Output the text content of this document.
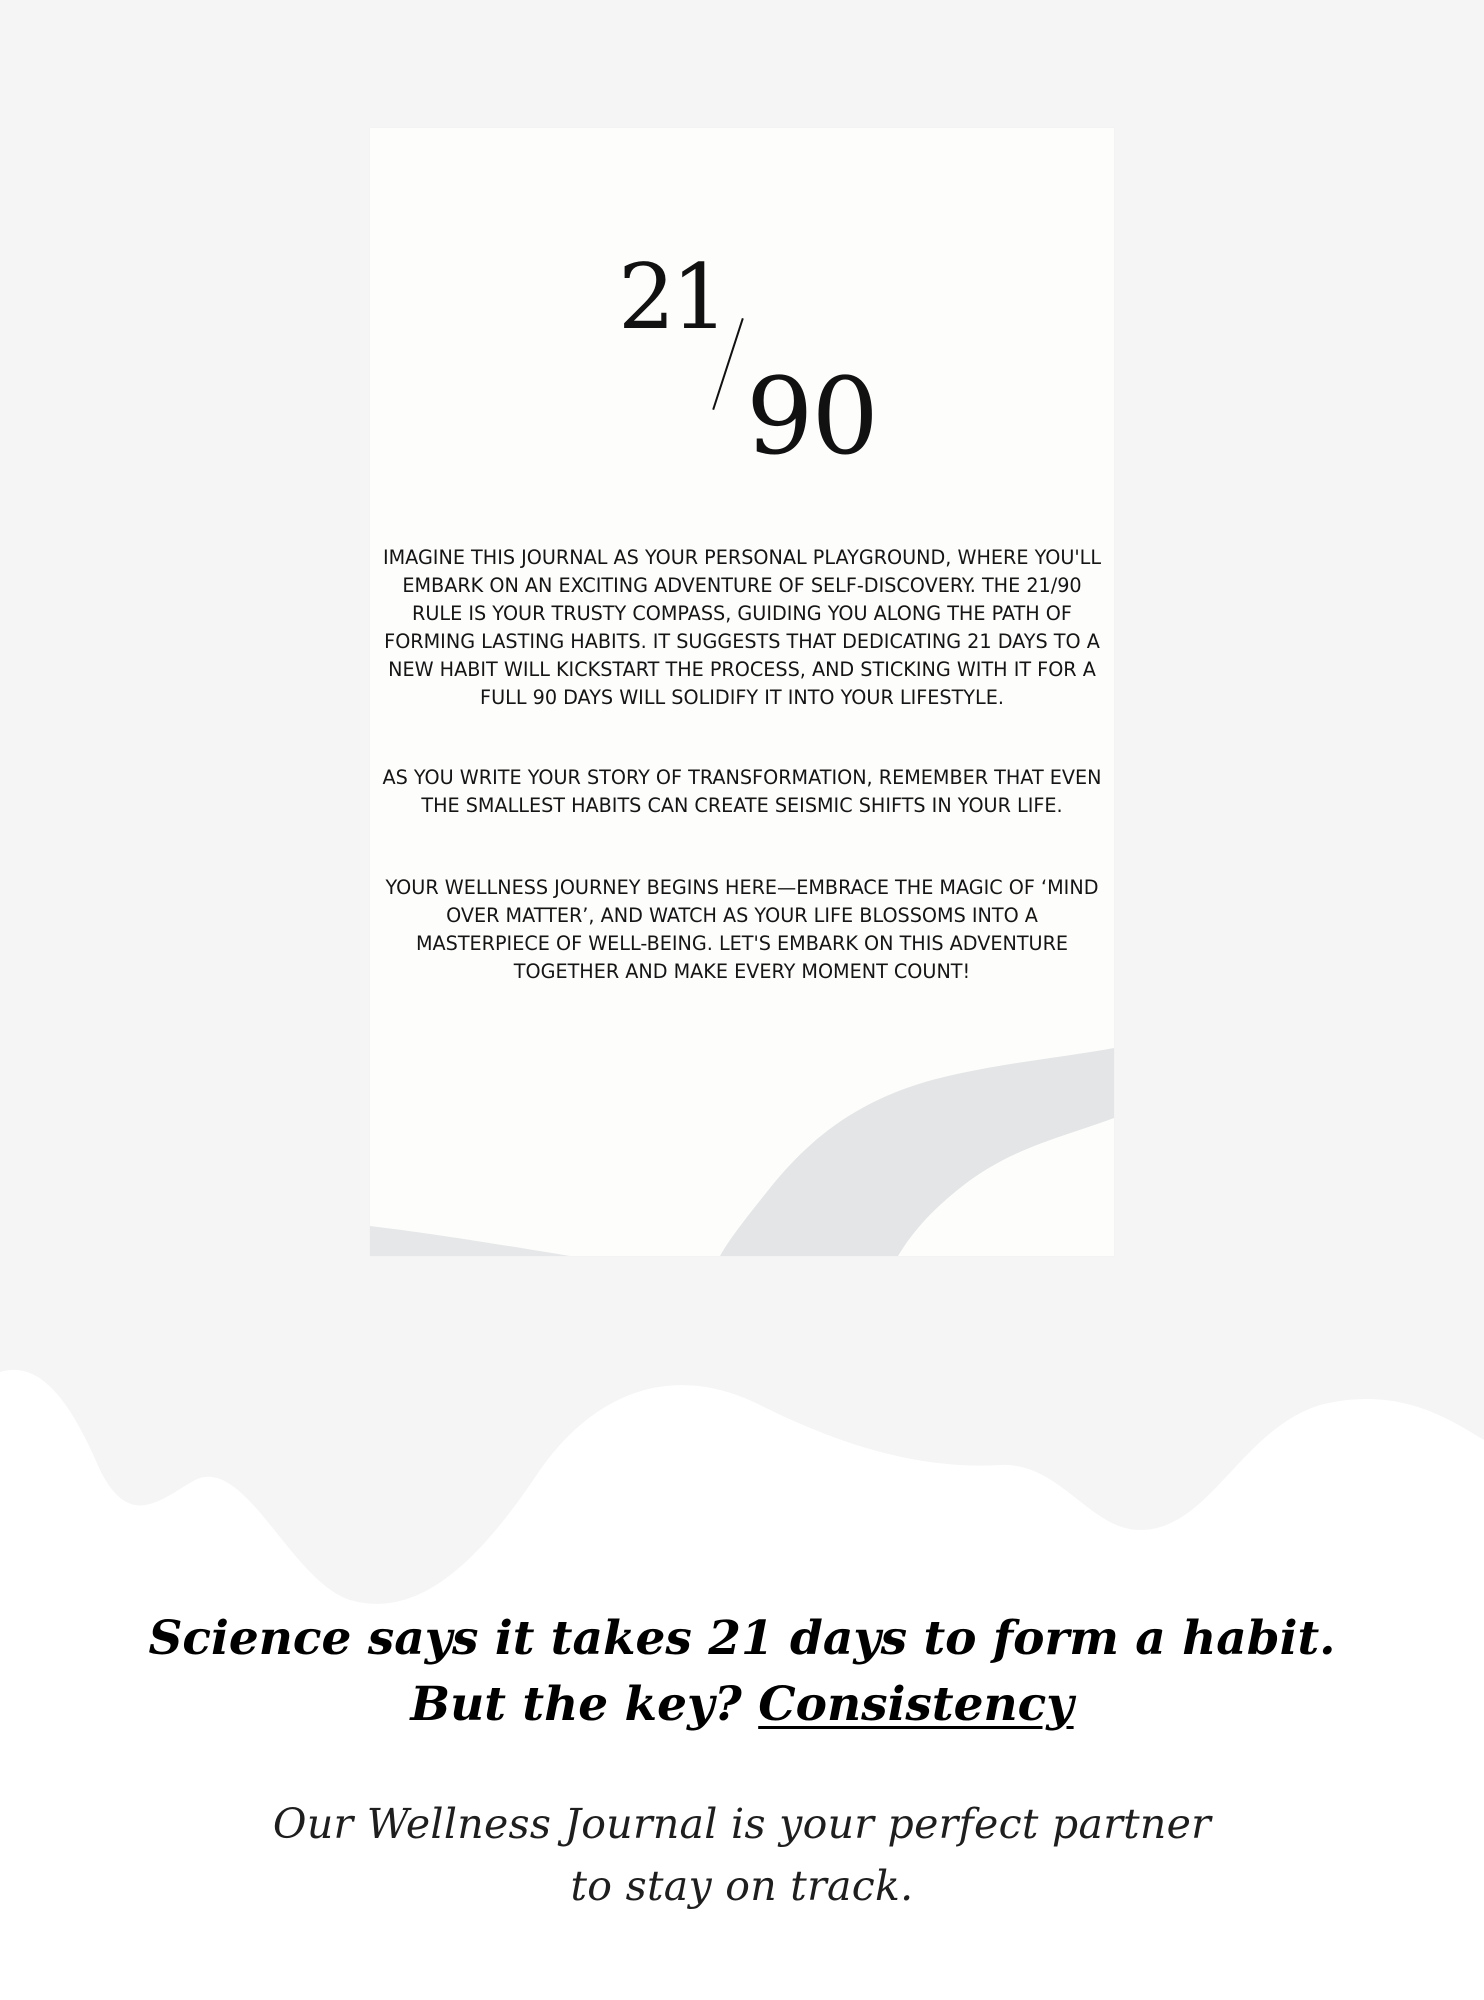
21
90

IMAGINE THIS JOURNAL AS YOUR PERSONAL PLAYGROUND, WHERE YOU'LL EMBARK ON AN EXCITING ADVENTURE OF SELF-DISCOVERY. THE 21/90 RULE IS YOUR TRUSTY COMPASS, GUIDING YOU ALONG THE PATH OF FORMING LASTING HABITS. IT SUGGESTS THAT DEDICATING 21 DAYS TO A NEW HABIT WILL KICKSTART THE PROCESS, AND STICKING WITH IT FOR A FULL 90 DAYS WILL SOLIDIFY IT INTO YOUR LIFESTYLE.

AS YOU WRITE YOUR STORY OF TRANSFORMATION, REMEMBER THAT EVEN THE SMALLEST HABITS CAN CREATE SEISMIC SHIFTS IN YOUR LIFE.

YOUR WELLNESS JOURNEY BEGINS HERE—EMBRACE THE MAGIC OF ‘MIND OVER MATTER’, AND WATCH AS YOUR LIFE BLOSSOMS INTO A MASTERPIECE OF WELL-BEING. LET'S EMBARK ON THIS ADVENTURE TOGETHER AND MAKE EVERY MOMENT COUNT!

Science says it takes 21 days to form a habit.
But the key? Consistency
Our Wellness Journal is your perfect partner
to stay on track.
